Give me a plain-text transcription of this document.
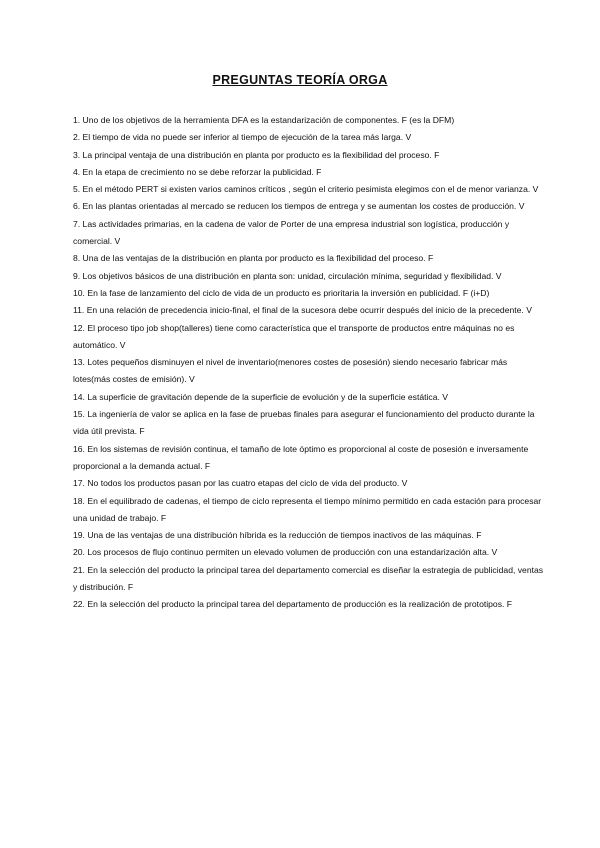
PREGUNTAS TEORÍA ORGA

1. Uno de los objetivos de la herramienta DFA es la estandarización de componentes. F (es la DFM)

2. El tiempo de vida no puede ser inferior al tiempo de ejecución de la tarea más larga. V

3. La principal ventaja de una distribución en planta por producto es la flexibilidad del proceso. F

4. En la etapa de crecimiento no se debe reforzar la publicidad. F

5. En el método PERT si existen varios caminos críticos , según el criterio pesimista elegimos con el de menor varianza. V

6. En las plantas orientadas al mercado se reducen los tiempos de entrega y se aumentan los costes de producción. V

7. Las actividades primarias, en la cadena de valor de Porter de una empresa industrial son logística, producción y comercial. V

8. Una de las ventajas de la distribución en planta por producto es la flexibilidad del proceso. F

9. Los objetivos básicos de una distribución en planta son: unidad, circulación mínima, seguridad y flexibilidad. V

10. En la fase de lanzamiento del ciclo de vida de un producto es prioritaria la inversión en publicidad. F (i+D)

11. En una relación de precedencia inicio-final, el final de la sucesora debe ocurrir después del inicio de la precedente. V

12. El proceso tipo job shop(talleres) tiene como característica que el transporte de productos entre máquinas no es automático. V

13. Lotes pequeños disminuyen el nivel de inventario(menores costes de posesión) siendo necesario fabricar más lotes(más costes de emisión). V

14. La superficie de gravitación depende de la superficie de evolución y de la superficie estática. V

15. La ingeniería de valor se aplica en la fase de pruebas finales para asegurar el funcionamiento del producto durante la vida útil prevista. F

16. En los sistemas de revisión continua, el tamaño de lote óptimo es proporcional al coste de posesión e inversamente proporcional a la demanda actual. F

17. No todos los productos pasan por las cuatro etapas del ciclo de vida del producto. V

18. En el equilibrado de cadenas, el tiempo de ciclo representa el tiempo mínimo permitido en cada estación para procesar una unidad de trabajo. F

19. Una de las ventajas de una distribución híbrida es la reducción de tiempos inactivos de las máquinas. F

20. Los procesos de flujo continuo permiten un elevado volumen de producción con una estandarización alta. V

21. En la selección del producto la principal tarea del departamento comercial es diseñar la estrategia de publicidad, ventas y distribución. F

22. En la selección del producto la principal tarea del departamento de producción es la realización de prototipos. F
